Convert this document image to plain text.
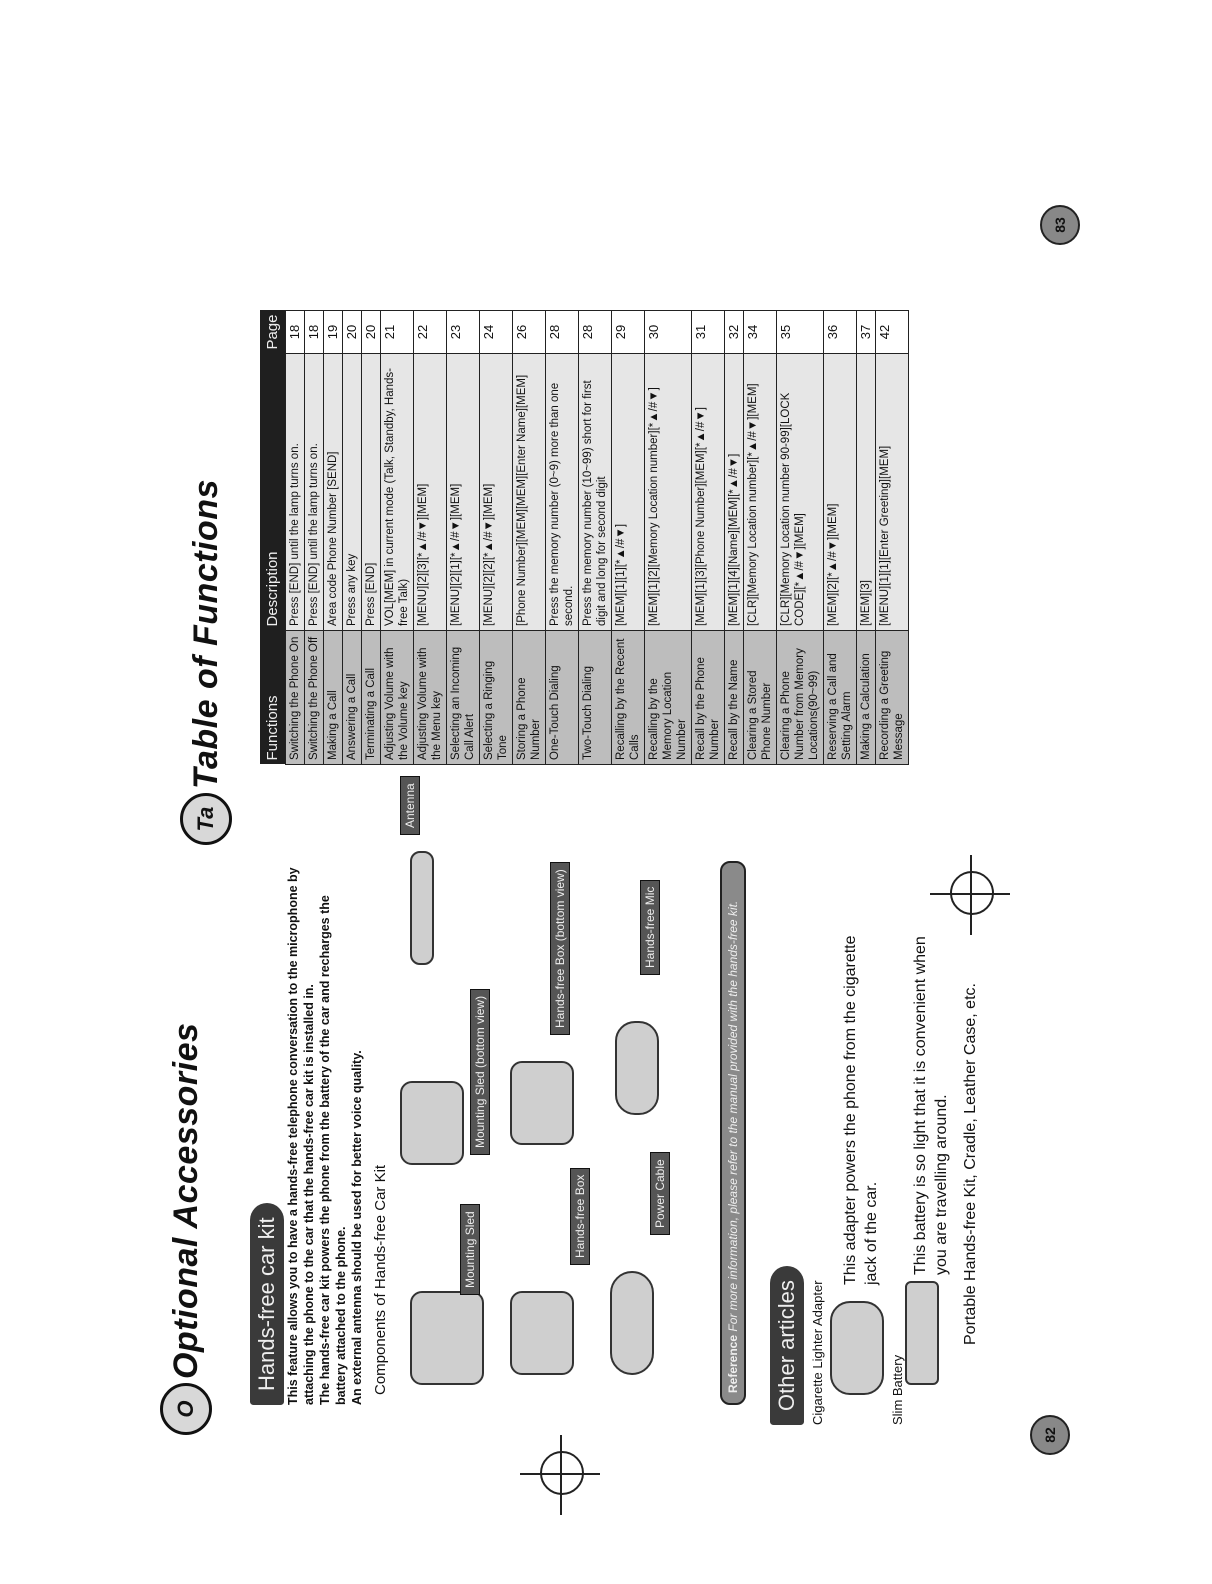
O
Optional Accessories Hands-free car kit This feature allows you to have a hands-free telephone conversation to the microphone by attaching the phone to the car that the hands-free car kit is installed in. The hands-free car kit powers the phone from the battery of the car and recharges the battery attached to the phone. An external antenna should be used for better voice quality. Components of Hands-free Car Kit	Mounting Sled
Mounting Sled (bottom view)
Antenna
Hands-free Box
Hands-free Box (bottom view)
Power Cable
Hands-free Mic
Reference For more information, please refer to the manual provided with the hands-free kit.
Other articles Cigarette Lighter Adapter
This adapter powers the phone from the cigarette jack of the car.
Slim Battery
This battery is so light that it is convenient when you are travelling around. Portable Hands-free Kit, Cradle, Leather Case, etc.
82
Ta
Table of Functions	Functions	Description	Page
Switching the Phone On	Press [END] until the lamp turns on.	18
Switching the Phone Off	Press [END] until the lamp turns on.	18
Making a Call	Area code Phone Number [SEND]	19
Answering a Call	Press any key	20
Terminating a Call	Press [END]	20
Adjusting Volume with the Volume key	VOL[MEM] in current mode (Talk, Standby, Hands-free Talk)	21
Adjusting Volume with the Menu key	[MENU][2][3][*▲/#▼][MEM]	22
Selecting an Incoming Call Alert	[MENU][2][1][*▲/#▼][MEM]	23
Selecting a Ringing Tone	[MENU][2][2][*▲/#▼][MEM]	24
Storing a Phone Number	[Phone Number][MEM][MEM][Enter Name][MEM]	26
One-Touch Dialing	Press the memory number (0~9) more than one second.	28
Two-Touch Dialing	Press the memory number (10~99) short for first digit and long for second digit	28
Recalling by the Recent Calls	[MEM][1][1][*▲/#▼]	29
Recalling by the Memory Location Number	[MEM][1][2][Memory Location number][*▲/#▼]	30
Recall by the Phone Number	[MEM][1][3][Phone Number][MEM][*▲/#▼]	31
Recall by the Name	[MEM][1][4][Name][MEM][*▲/#▼]	32
Clearing a Stored Phone Number	[CLR][Memory Location number][*▲/#▼][MEM]	34
Clearing a Phone Number from Memory Locations(90~99)	[CLR][Memory Location number 90-99][LOCK CODE][*▲/#▼][MEM]	35
Reserving a Call and Setting Alarm	[MEM][2][*▲/#▼][MEM]	36
Making a Calculation	[MEM][3]	37
Recording a Greeting Message	[MENU][1][1][Enter Greeting][MEM]	42
83
